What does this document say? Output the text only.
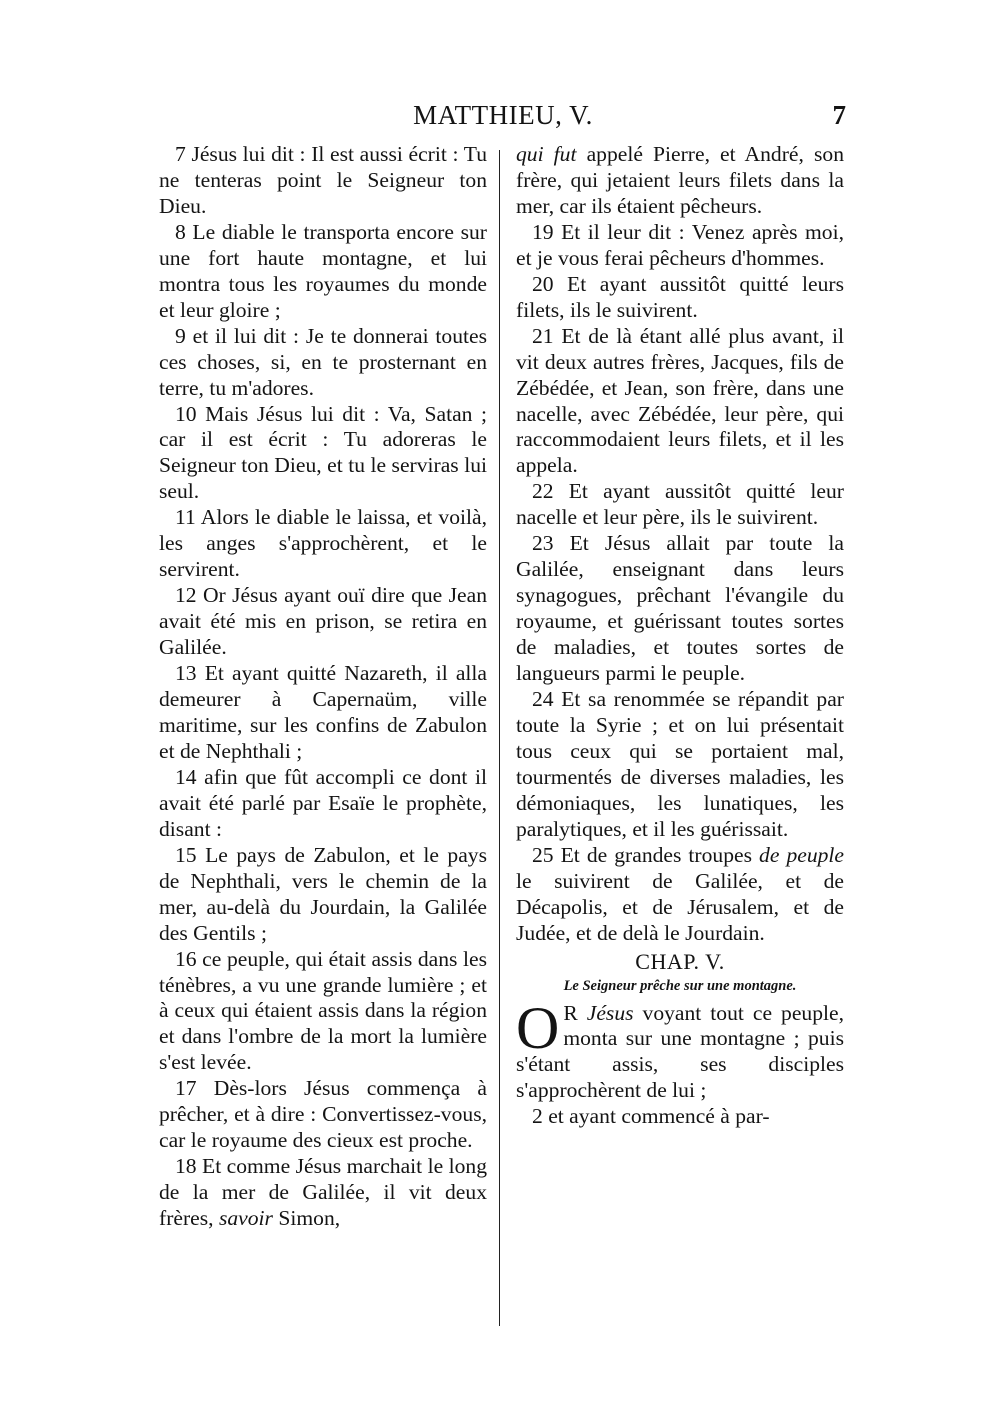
MATTHIEU, V.	7

7 Jésus lui dit : Il est aussi écrit : Tu ne tenteras point le Seigneur ton Dieu.

8 Le diable le transporta encore sur une fort haute montagne, et lui montra tous les royaumes du monde et leur gloire ;

9 et il lui dit : Je te donnerai toutes ces choses, si, en te prosternant en terre, tu m'adores.

10 Mais Jésus lui dit : Va, Satan ; car il est écrit : Tu adoreras le Seigneur ton Dieu, et tu le serviras lui seul.

11 Alors le diable le laissa, et voilà, les anges s'approchèrent, et le servirent.

12 Or Jésus ayant ouï dire que Jean avait été mis en prison, se retira en Galilée.

13 Et ayant quitté Nazareth, il alla demeurer à Capernaüm, ville maritime, sur les confins de Zabulon et de Nephthali ;

14 afin que fût accompli ce dont il avait été parlé par Esaïe le prophète, disant :

15 Le pays de Zabulon, et le pays de Nephthali, vers le chemin de la mer, au-delà du Jourdain, la Galilée des Gentils ;

16 ce peuple, qui était assis dans les ténèbres, a vu une grande lumière ; et à ceux qui étaient assis dans la région et dans l'ombre de la mort la lumière s'est levée.

17 Dès-lors Jésus commença à prêcher, et à dire : Convertissez-vous, car le royaume des cieux est proche.

18 Et comme Jésus marchait le long de la mer de Galilée, il vit deux frères, savoir Simon,

qui fut appelé Pierre, et André, son frère, qui jetaient leurs filets dans la mer, car ils étaient pêcheurs.

19 Et il leur dit : Venez après moi, et je vous ferai pêcheurs d'hommes.

20 Et ayant aussitôt quitté leurs filets, ils le suivirent.

21 Et de là étant allé plus avant, il vit deux autres frères, Jacques, fils de Zébédée, et Jean, son frère, dans une nacelle, avec Zébédée, leur père, qui raccommodaient leurs filets, et il les appela.

22 Et ayant aussitôt quitté leur nacelle et leur père, ils le suivirent.

23 Et Jésus allait par toute la Galilée, enseignant dans leurs synagogues, prêchant l'évangile du royaume, et guérissant toutes sortes de maladies, et toutes sortes de langueurs parmi le peuple.

24 Et sa renommée se répandit par toute la Syrie ; et on lui présentait tous ceux qui se portaient mal, tourmentés de diverses maladies, les démoniaques, les lunatiques, les paralytiques, et il les guérissait.

25 Et de grandes troupes de peuple le suivirent de Galilée, et de Décapolis, et de Jérusalem, et de Judée, et de delà le Jourdain.

CHAP. V.
Le Seigneur prêche sur une montagne.

O R Jésus voyant tout ce peuple, monta sur une montagne ; puis s'étant assis, ses disciples s'approchèrent de lui ;

2 et ayant commencé à par-
